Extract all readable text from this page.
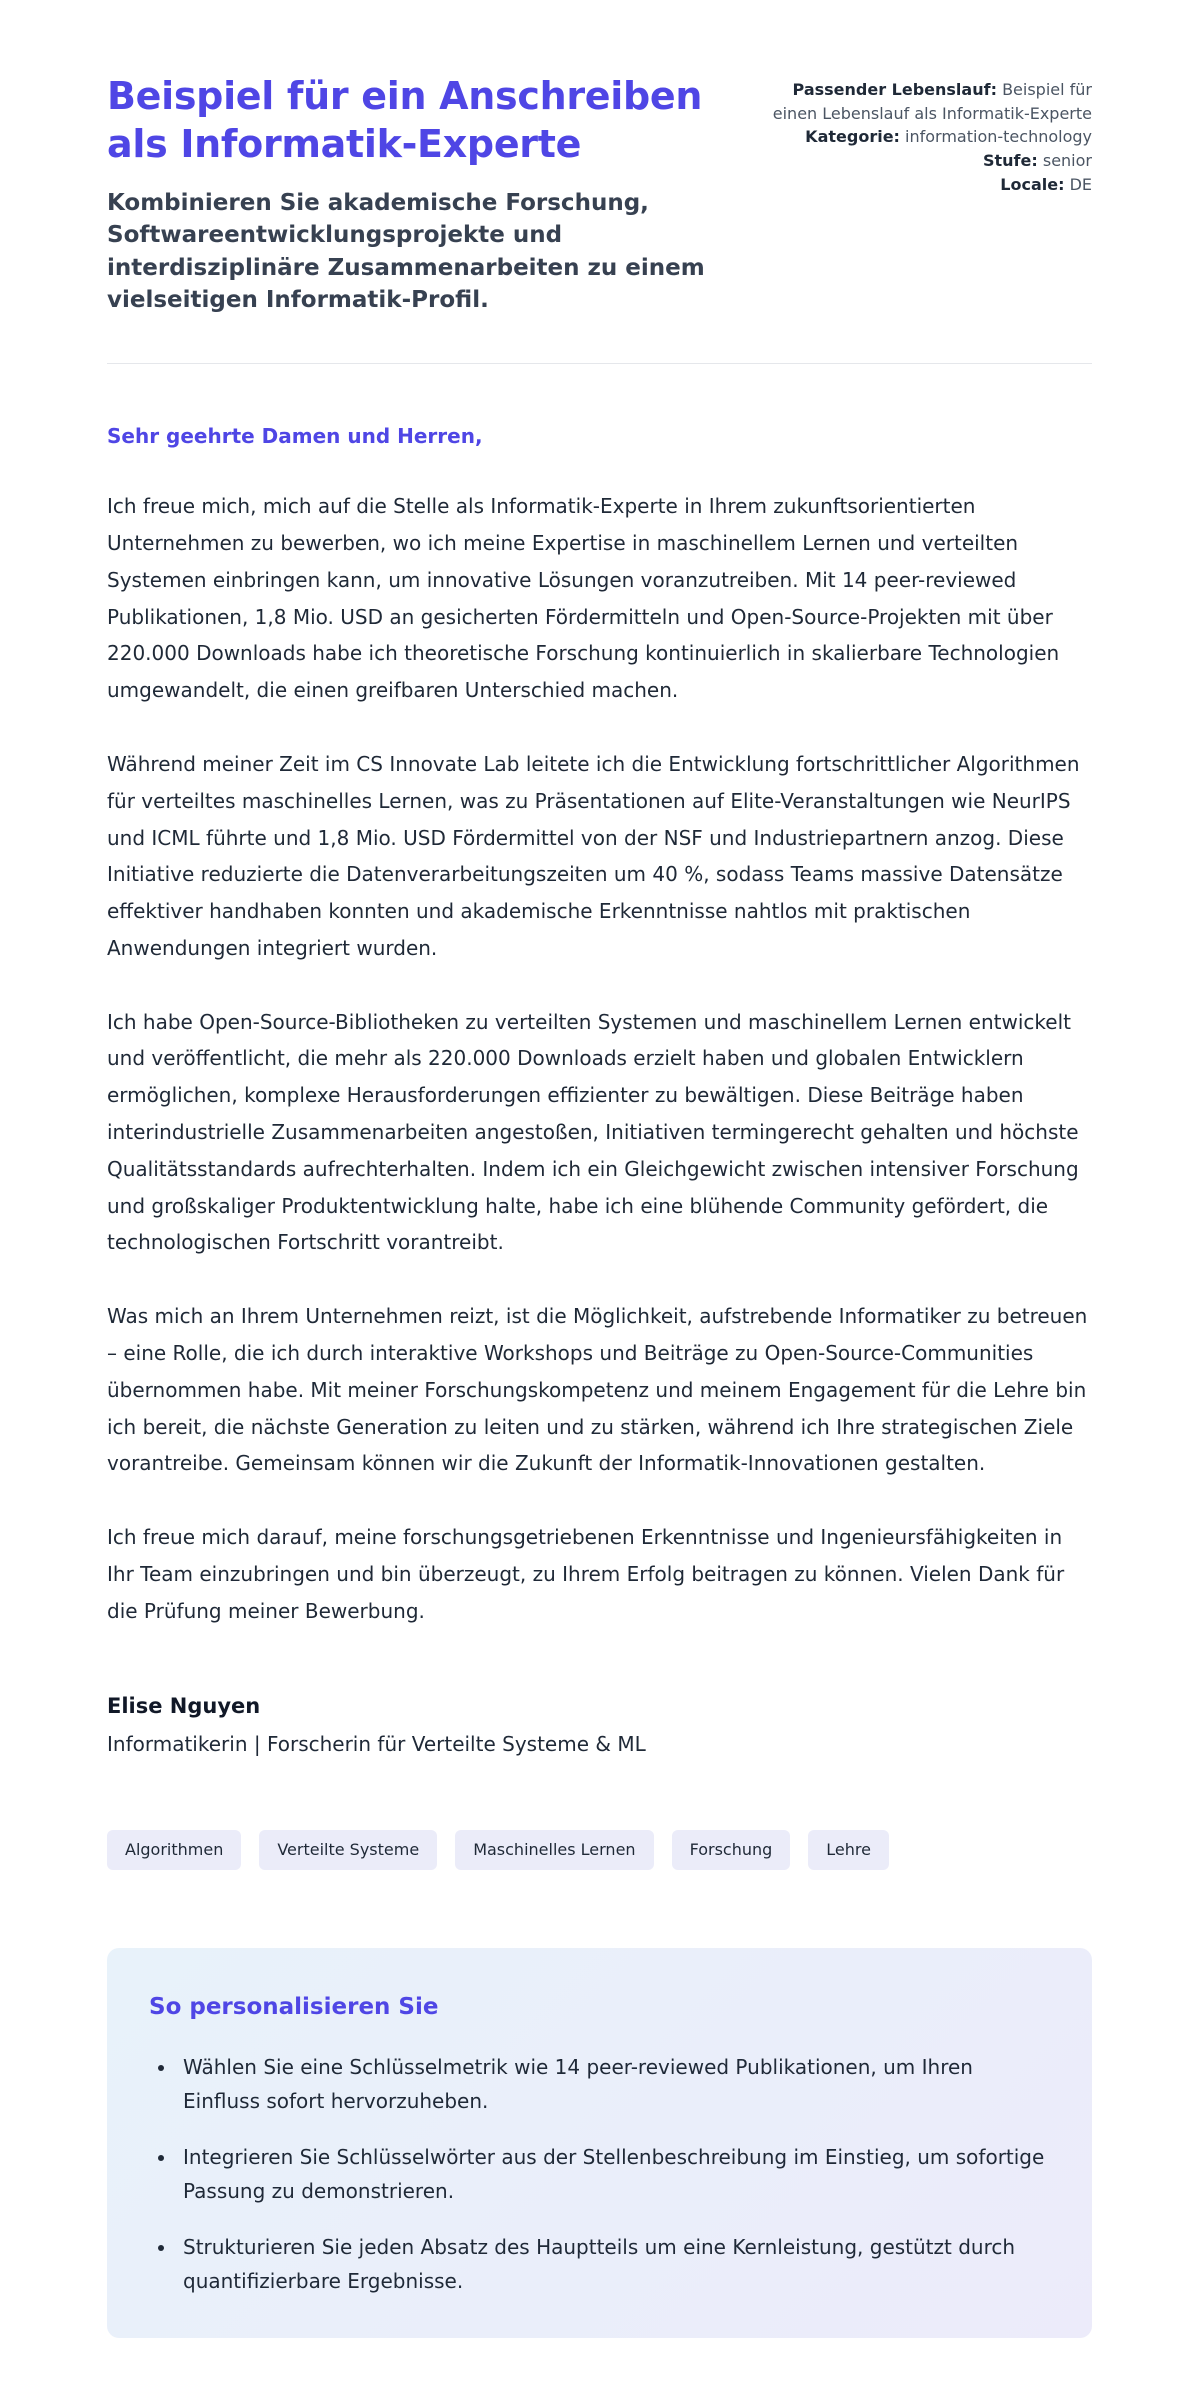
Beispiel für ein Anschreiben als Informatik-Experte
Kombinieren Sie akademische Forschung, Softwareentwicklungsprojekte und interdisziplinäre Zusammenarbeiten zu einem vielseitigen Informatik-Profil.
Passender Lebenslauf: Beispiel für einen Lebenslauf als Informatik-Experte
Kategorie: information-technology
Stufe: senior
Locale: DE
Sehr geehrte Damen und Herren,

Ich freue mich, mich auf die Stelle als Informatik-Experte in Ihrem zukunftsorientierten Unternehmen zu bewerben, wo ich meine Expertise in maschinellem Lernen und verteilten Systemen einbringen kann, um innovative Lösungen voranzutreiben. Mit 14 peer-reviewed Publikationen, 1,8 Mio. USD an gesicherten Fördermitteln und Open-Source-Projekten mit über 220.000 Downloads habe ich theoretische Forschung kontinuierlich in skalierbare Technologien umgewandelt, die einen greifbaren Unterschied machen.

Während meiner Zeit im CS Innovate Lab leitete ich die Entwicklung fortschrittlicher Algorithmen für verteiltes maschinelles Lernen, was zu Präsentationen auf Elite-Veranstaltungen wie NeurIPS und ICML führte und 1,8 Mio. USD Fördermittel von der NSF und Industriepartnern anzog. Diese Initiative reduzierte die Datenverarbeitungszeiten um 40 %, sodass Teams massive Datensätze effektiver handhaben konnten und akademische Erkenntnisse nahtlos mit praktischen Anwendungen integriert wurden.

Ich habe Open-Source-Bibliotheken zu verteilten Systemen und maschinellem Lernen entwickelt und veröffentlicht, die mehr als 220.000 Downloads erzielt haben und globalen Entwicklern ermöglichen, komplexe Herausforderungen effizienter zu bewältigen. Diese Beiträge haben interindustrielle Zusammenarbeiten angestoßen, Initiativen termingerecht gehalten und höchste Qualitätsstandards aufrechterhalten. Indem ich ein Gleichgewicht zwischen intensiver Forschung und großskaliger Produktentwicklung halte, habe ich eine blühende Community gefördert, die technologischen Fortschritt vorantreibt.

Was mich an Ihrem Unternehmen reizt, ist die Möglichkeit, aufstrebende Informatiker zu betreuen – eine Rolle, die ich durch interaktive Workshops und Beiträge zu Open-Source-Communities übernommen habe. Mit meiner Forschungskompetenz und meinem Engagement für die Lehre bin ich bereit, die nächste Generation zu leiten und zu stärken, während ich Ihre strategischen Ziele vorantreibe. Gemeinsam können wir die Zukunft der Informatik-Innovationen gestalten.

Ich freue mich darauf, meine forschungsgetriebenen Erkenntnisse und Ingenieursfähigkeiten in Ihr Team einzubringen und bin überzeugt, zu Ihrem Erfolg beitragen zu können. Vielen Dank für die Prüfung meiner Bewerbung.

Elise Nguyen
Informatikerin | Forscherin für Verteilte Systeme & ML
Algorithmen	Verteilte Systeme	Maschinelles Lernen	Forschung	Lehre
So personalisieren Sie
• Wählen Sie eine Schlüsselmetrik wie 14 peer-reviewed Publikationen, um Ihren Einfluss sofort hervorzuheben.
• Integrieren Sie Schlüsselwörter aus der Stellenbeschreibung im Einstieg, um sofortige Passung zu demonstrieren.
• Strukturieren Sie jeden Absatz des Hauptteils um eine Kernleistung, gestützt durch quantifizierbare Ergebnisse.
